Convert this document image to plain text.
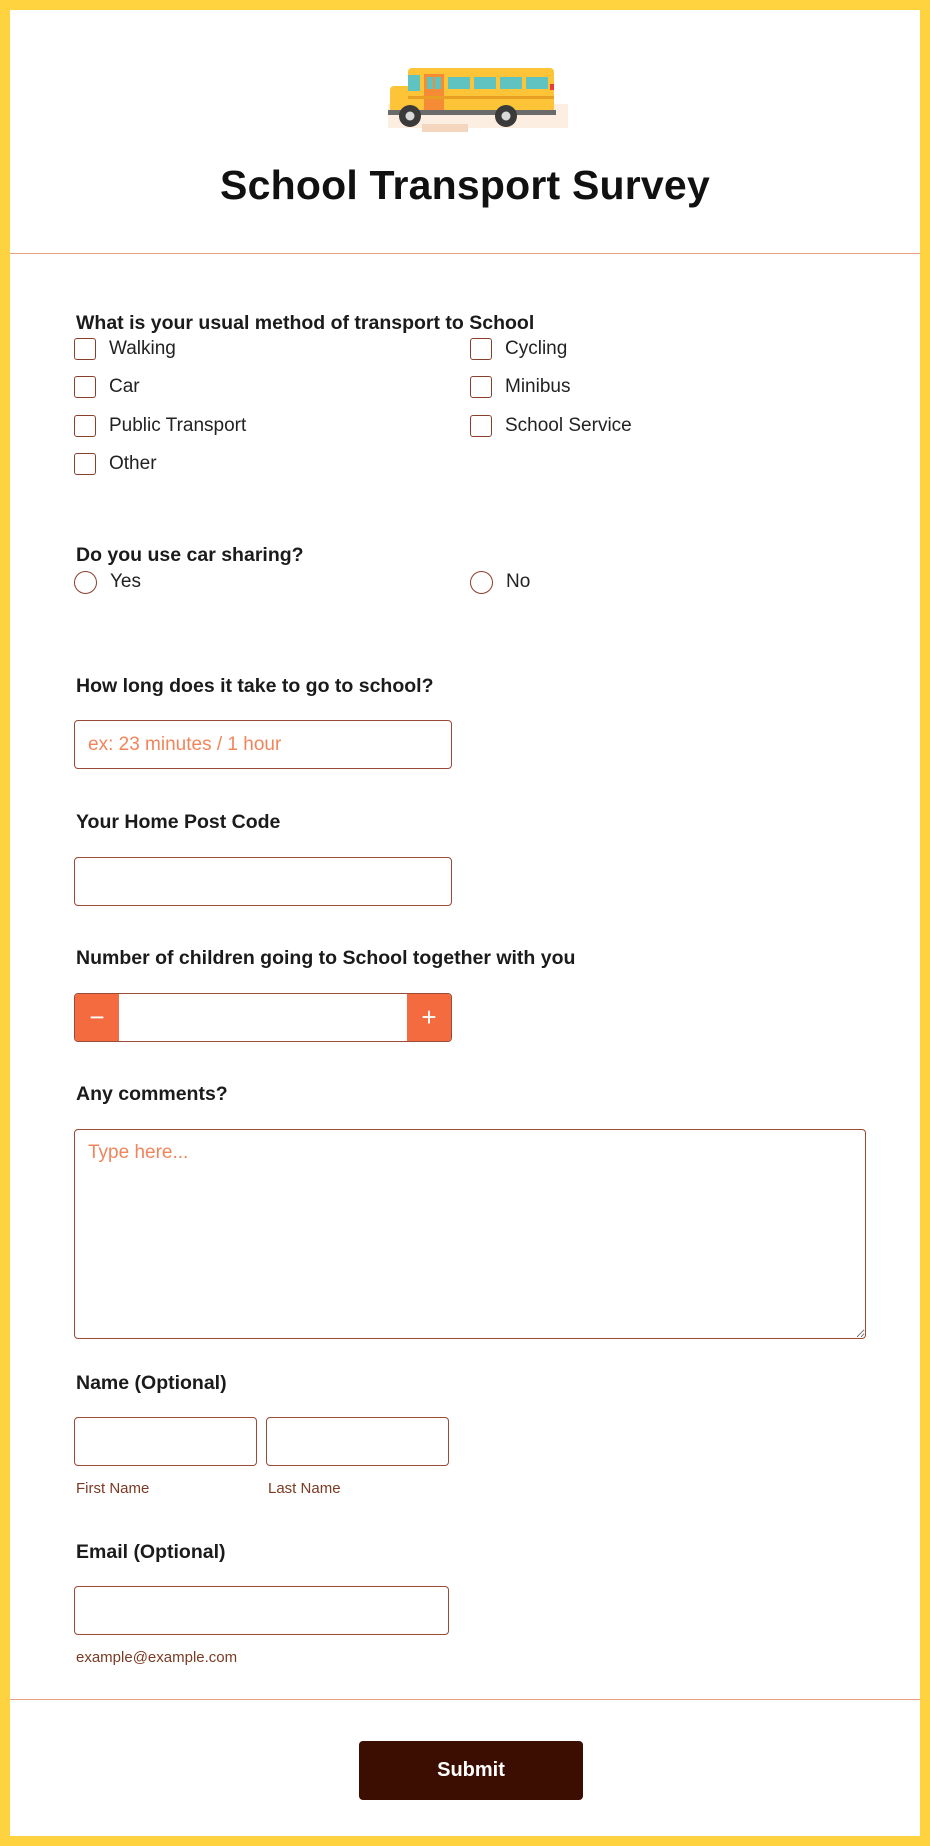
School Transport Survey
What is your usual method of transport to School
Walking	Cycling
Car	Minibus
Public Transport	School Service
Other
Do you use car sharing?
Yes	No
How long does it take to go to school?
ex: 23 minutes / 1 hour
Your Home Post Code
Number of children going to School together with you
−	+
Any comments?
Type here...
Name (Optional)
First Name	Last Name
Email (Optional)
example@example.com
Submit
